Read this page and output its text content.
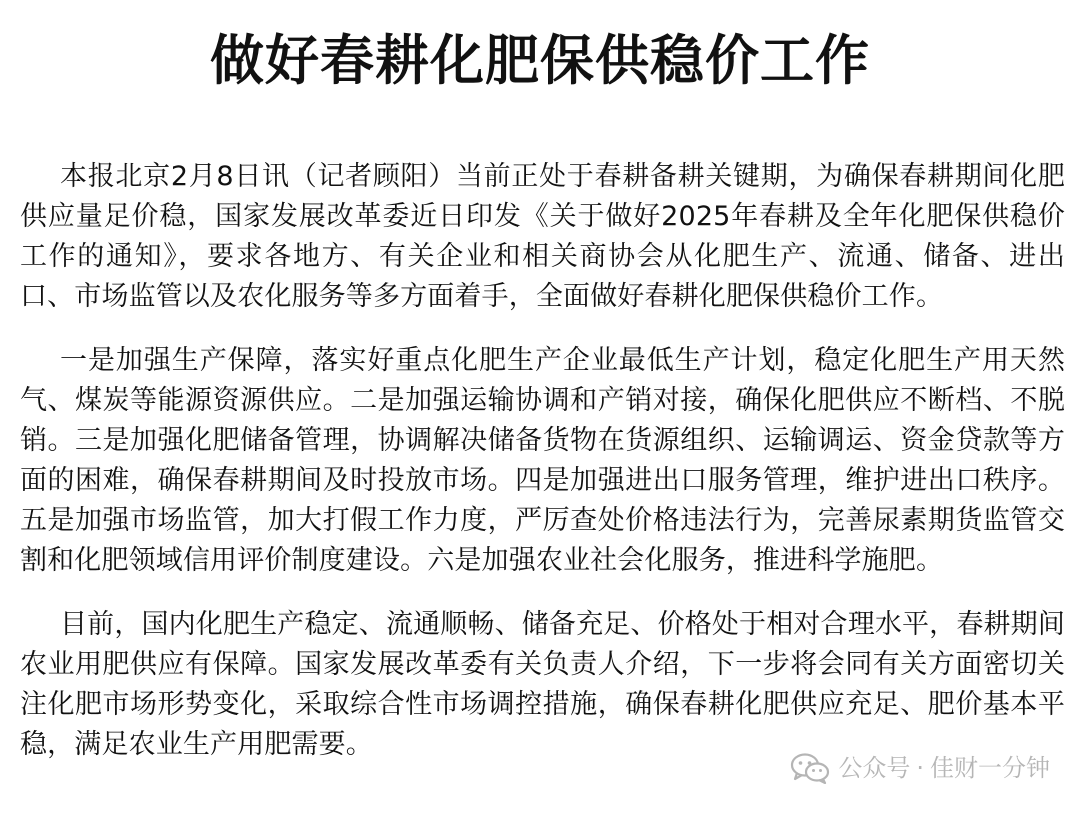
做好春耕化肥保供稳价工作

本报北京2月8日讯（记者顾阳）当前正处于春耕备耕关键期，为确保春耕期间化肥供应量足价稳，国家发展改革委近日印发《关于做好2025年春耕及全年化肥保供稳价工作的通知》，要求各地方、有关企业和相关商协会从化肥生产、流通、储备、进出口、市场监管以及农化服务等多方面着手，全面做好春耕化肥保供稳价工作。

一是加强生产保障，落实好重点化肥生产企业最低生产计划，稳定化肥生产用天然气、煤炭等能源资源供应。二是加强运输协调和产销对接，确保化肥供应不断档、不脱销。三是加强化肥储备管理，协调解决储备货物在货源组织、运输调运、资金贷款等方面的困难，确保春耕期间及时投放市场。四是加强进出口服务管理，维护进出口秩序。五是加强市场监管，加大打假工作力度，严厉查处价格违法行为，完善尿素期货监管交割和化肥领域信用评价制度建设。六是加强农业社会化服务，推进科学施肥。

目前，国内化肥生产稳定、流通顺畅、储备充足、价格处于相对合理水平，春耕期间农业用肥供应有保障。国家发展改革委有关负责人介绍，下一步将会同有关方面密切关注化肥市场形势变化，采取综合性市场调控措施，确保春耕化肥供应充足、肥价基本平稳，满足农业生产用肥需要。

公众号 · 佳财一分钟
